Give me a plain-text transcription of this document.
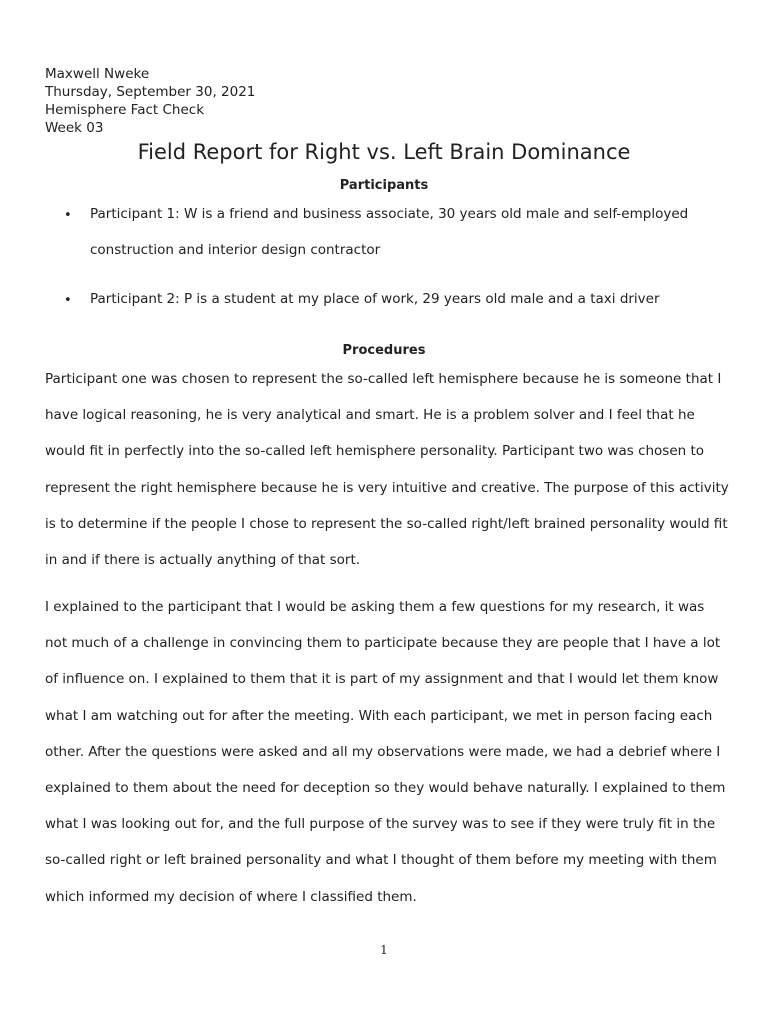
Maxwell Nweke
Thursday, September 30, 2021
Hemisphere Fact Check
Week 03
Field Report for Right vs. Left Brain Dominance
Participants
• Participant 1: W is a friend and business associate, 30 years old male and self-employed construction and interior design contractor
• Participant 2: P is a student at my place of work, 29 years old male and a taxi driver
Procedures

Participant one was chosen to represent the so-called left hemisphere because he is someone that I have logical reasoning, he is very analytical and smart. He is a problem solver and I feel that he would fit in perfectly into the so-called left hemisphere personality. Participant two was chosen to represent the right hemisphere because he is very intuitive and creative. The purpose of this activity is to determine if the people I chose to represent the so-called right/left brained personality would fit in and if there is actually anything of that sort.

I explained to the participant that I would be asking them a few questions for my research, it was not much of a challenge in convincing them to participate because they are people that I have a lot of influence on. I explained to them that it is part of my assignment and that I would let them know what I am watching out for after the meeting. With each participant, we met in person facing each other. After the questions were asked and all my observations were made, we had a debrief where I explained to them about the need for deception so they would behave naturally. I explained to them what I was looking out for, and the full purpose of the survey was to see if they were truly fit in the so-called right or left brained personality and what I thought of them before my meeting with them which informed my decision of where I classified them.

1
